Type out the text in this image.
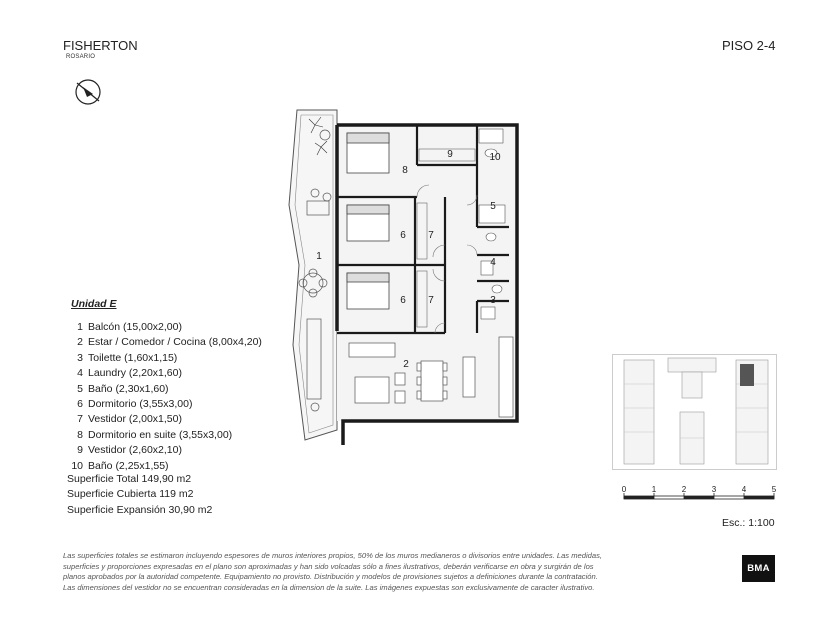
FISHERTON
ROSARIO
PISO 2-4
1
2
3
4
5
6
6
7
7
8
9	10
Unidad E
1 Balcón (15,00x2,00)
2 Estar / Comedor / Cocina (8,00x4,20)
3 Toilette (1,60x1,15)
4 Laundry (2,20x1,60)
5 Baño (2,30x1,60)
6 Dormitorio (3,55x3,00)
7 Vestidor (2,00x1,50)
8 Dormitorio en suite (3,55x3,00)
9 Vestidor (2,60x2,10)
10 Baño (2,25x1,55)
Superficie Total 149,90 m2
Superficie Cubierta 119 m2
Superficie Expansión 30,90 m2
0	1	2	3	4	5
Esc.: 1:100
Las superficies totales se estimaron incluyendo espesores de muros interiores propios, 50% de los muros medianeros o divisorios entre unidades. Las medidas,
superficies y proporciones expresadas en el plano son aproximadas y han sido volcadas sólo a fines ilustrativos, deberán verificarse en obra y surgirán de los
planos aprobados por la autoridad competente. Equipamiento no provisto. Distribución y modelos de provisiones sujetos a definiciones durante la contratación.
Las dimensiones del vestidor no se encuentran consideradas en la dimension de la suite. Las imágenes expuestas son exclusivamente de caracter ilustrativo.
BMA
